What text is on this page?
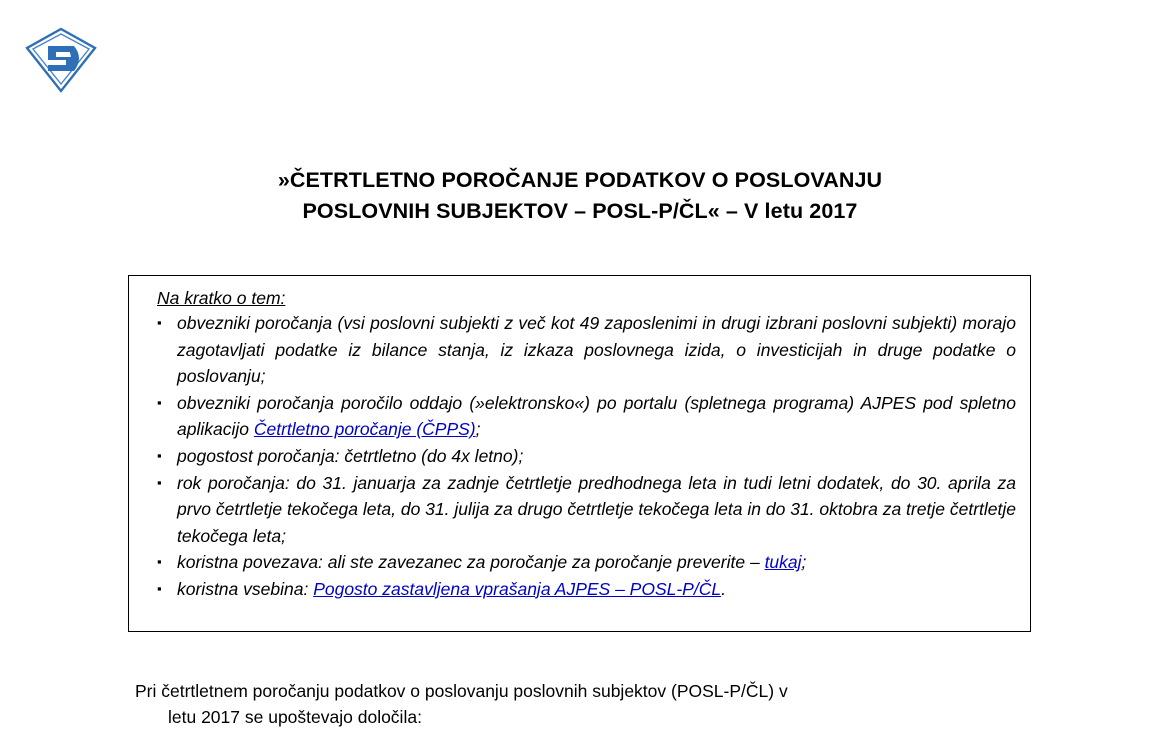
»ČETRTLETNO POROČANJE PODATKOV O POSLOVANJU
POSLOVNIH SUBJEKTOV – POSL-P/ČL« – V letu 2017
Na kratko o tem:
▪ obvezniki poročanja (vsi poslovni subjekti z več kot 49 zaposlenimi in drugi izbrani poslovni subjekti) morajo zagotavljati podatke iz bilance stanja, iz izkaza poslovnega izida, o investicijah in druge podatke o poslovanju;
▪ obvezniki poročanja poročilo oddajo (»elektronsko«) po portalu (spletnega programa) AJPES pod spletno aplikacijo Četrtletno poročanje (ČPPS);
▪ pogostost poročanja: četrtletno (do 4x letno);
▪ rok poročanja: do 31. januarja za zadnje četrtletje predhodnega leta in tudi letni dodatek, do 30. aprila za prvo četrtletje tekočega leta, do 31. julija za drugo četrtletje tekočega leta in do 31. oktobra za tretje četrtletje tekočega leta;
▪ koristna povezava: ali ste zavezanec za poročanje za poročanje preverite – tukaj;
▪ koristna vsebina: Pogosto zastavljena vprašanja AJPES – POSL-P/ČL.
Pri četrtletnem poročanju podatkov o poslovanju poslovnih subjektov (POSL-P/ČL) v
letu 2017 se upoštevajo določila:
